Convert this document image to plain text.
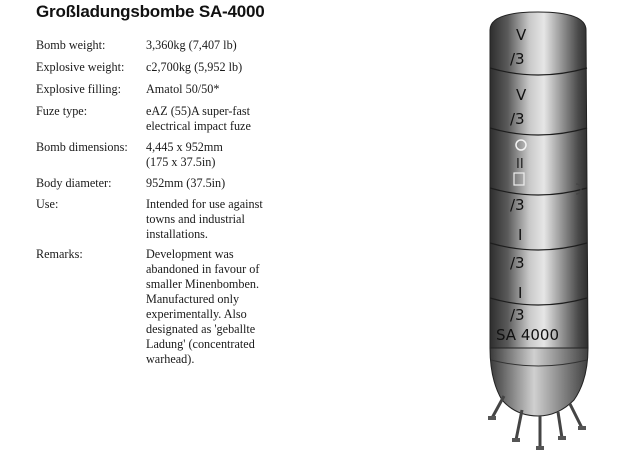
Großladungsbombe SA-4000
Bomb weight:	3,360kg (7,407 lb)
Explosive weight:	c2,700kg (5,952 lb)
Explosive filling:	Amatol 50/50*
Fuze type:	eAZ (55)A super-fast electrical impact fuze
Bomb dimensions:	4,445 x 952mm (175 x 37.5in)
Body diameter:	952mm (37.5in)
Use:	Intended for use against towns and industrial installations.
Remarks:	Development was abandoned in favour of smaller Minenbomben. Manufactured only experimentally. Also designated as 'geballte Ladung' (concentrated warhead).
V
/3
V
/3
II
/3
I
/3
I
/3
SA 4000
